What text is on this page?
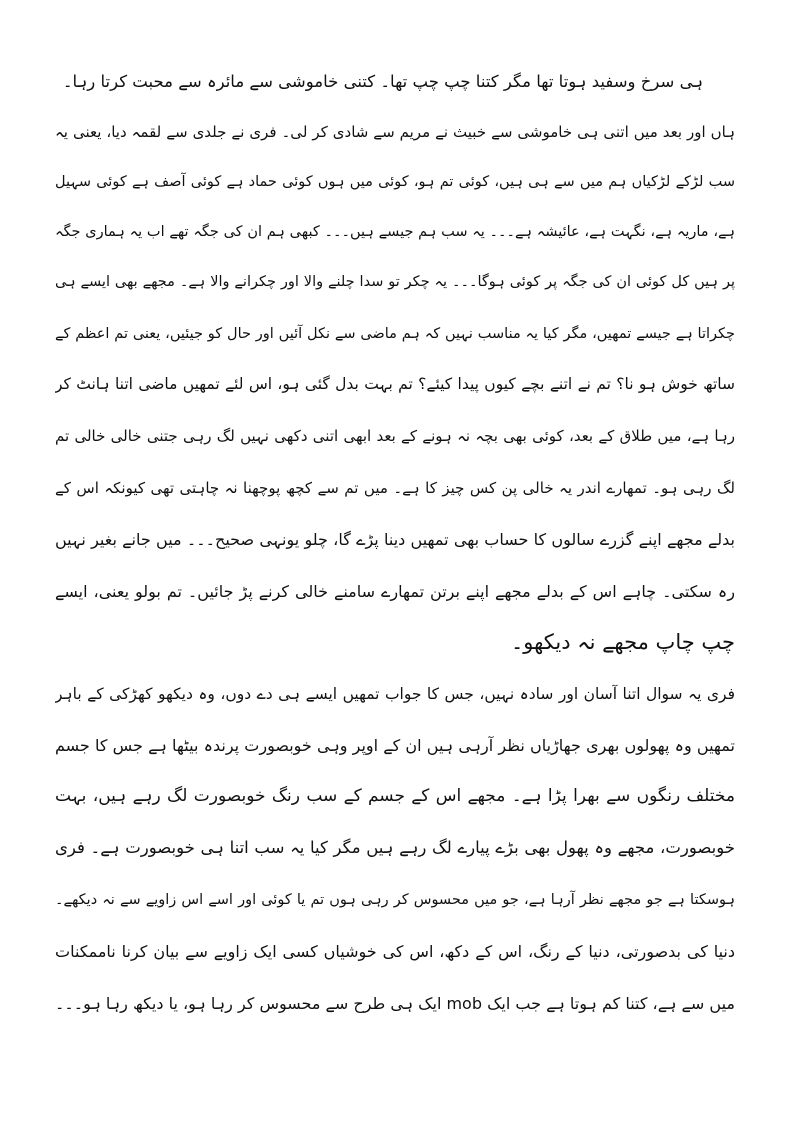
ہی سرخ وسفید ہوتا تھا مگر کتنا چپ چپ تھا۔ کتنی خاموشی سے مائرہ سے محبت کرتا رہا۔
ہاں اور بعد میں اتنی ہی خاموشی سے خبیث نے مریم سے شادی کر لی۔ فری نے جلدی سے لقمہ دیا، یعنی یہ
سب لڑکے لڑکیاں ہم میں سے ہی ہیں، کوئی تم ہو، کوئی میں ہوں کوئی حماد ہے کوئی آصف ہے کوئی سہیل
ہے، ماریہ ہے، نگہت ہے، عائیشہ ہے۔۔۔ یہ سب ہم جیسے ہیں۔۔۔ کبھی ہم ان کی جگہ تھے اب یہ ہماری جگہ
پر ہیں کل کوئی ان کی جگہ پر کوئی ہوگا۔۔۔ یہ چکر تو سدا چلنے والا اور چکرانے والا ہے۔ مجھے بھی ایسے ہی
چکراتا ہے جیسے تمھیں، مگر کیا یہ مناسب نہیں کہ ہم ماضی سے نکل آئیں اور حال کو جیئیں، یعنی تم اعظم کے
ساتھ خوش ہو نا؟ تم نے اتنے بچے کیوں پیدا کیئے؟ تم بہت بدل گئی ہو، اس لئے تمھیں ماضی اتنا ہانٹ کر
رہا ہے، میں طلاق کے بعد، کوئی بھی بچہ نہ ہونے کے بعد ابھی اتنی دکھی نہیں لگ رہی جتنی خالی خالی تم
لگ رہی ہو۔ تمھارے اندر یہ خالی پن کس چیز کا ہے۔ میں تم سے کچھ پوچھنا نہ چاہتی تھی کیونکہ اس کے
بدلے مجھے اپنے گزرے سالوں کا حساب بھی تمھیں دینا پڑے گا، چلو یونہی صحیح۔۔۔ میں جانے بغیر نہیں
رہ سکتی۔ چاہے اس کے بدلے مجھے اپنے برتن تمھارے سامنے خالی کرنے پڑ جائیں۔ تم بولو یعنی، ایسے
چپ چاپ مجھے نہ دیکھو۔
فری یہ سوال اتنا آسان اور سادہ نہیں، جس کا جواب تمھیں ایسے ہی دے دوں، وہ دیکھو کھڑکی کے باہر
تمھیں وہ پھولوں بھری جھاڑیاں نظر آرہی ہیں ان کے اوپر وہی خوبصورت پرندہ بیٹھا ہے جس کا جسم
مختلف رنگوں سے بھرا پڑا ہے۔ مجھے اس کے جسم کے سب رنگ خوبصورت لگ رہے ہیں، بہت
خوبصورت، مجھے وہ پھول بھی بڑے پیارے لگ رہے ہیں مگر کیا یہ سب اتنا ہی خوبصورت ہے۔ فری
ہوسکتا ہے جو مجھے نظر آرہا ہے، جو میں محسوس کر رہی ہوں تم یا کوئی اور اسے اس زاویے سے نہ دیکھے۔
دنیا کی بدصورتی، دنیا کے رنگ، اس کے دکھ، اس کی خوشیاں کسی ایک زاویے سے بیان کرنا ناممکنات
میں سے ہے، کتنا کم ہوتا ہے جب ایک mob ایک ہی طرح سے محسوس کر رہا ہو، یا دیکھ رہا ہو۔۔۔
